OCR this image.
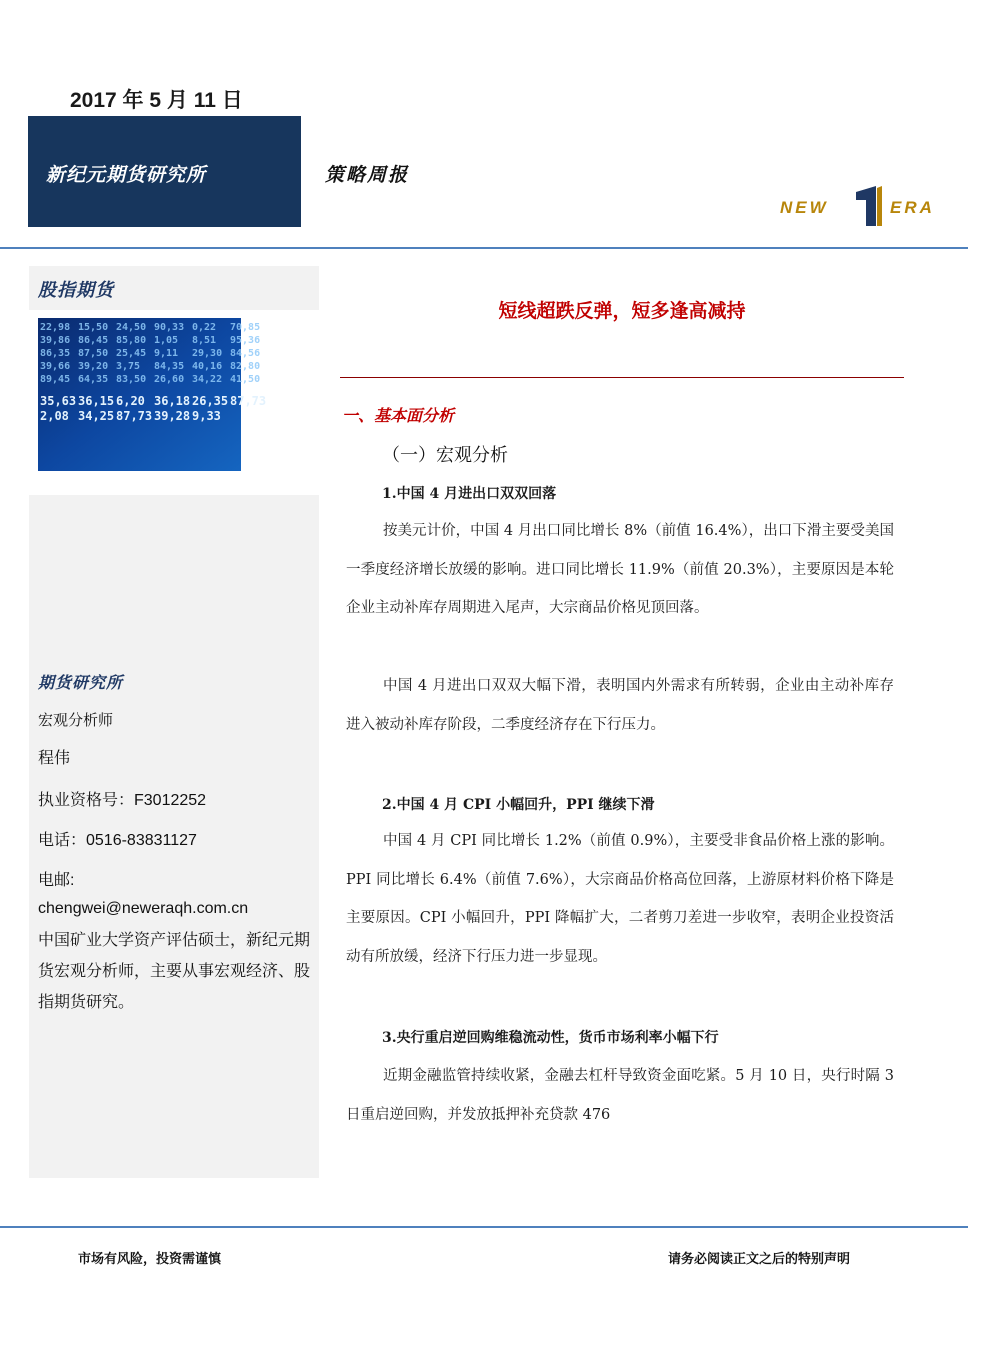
2017 年 5 月 11 日
新纪元期货研究所	策略周报
NEW	ERA
股指期货
22,98 15,50 24,50 90,33 0,22 70,85
39,86 86,45 85,80 1,05 8,51 95,36
86,35 87,50 25,45 9,11 29,30 84,56
39,66 39,20 3,75 84,35 40,16 82,80
89,45 64,35 83,50 26,60 34,22 41,50
35,63 36,15 6,20 36,18 26,35 87,73
2,08 34,25 87,73 39,28 9,33
期货研究所
宏观分析师
程伟
执业资格号：F3012252
电话：0516-83831127
电邮:
chengwei@neweraqh.com.cn
中国矿业大学资产评估硕士，新纪元期货宏观分析师，主要从事宏观经济、股指期货研究。
短线超跌反弹，短多逢高减持
一、基本面分析
（一）宏观分析
1.中国 4 月进出口双双回落

按美元计价，中国 4 月出口同比增长 8%（前值 16.4%），出口下滑主要受美国一季度经济增长放缓的影响。进口同比增长 11.9%（前值 20.3%），主要原因是本轮企业主动补库存周期进入尾声，大宗商品价格见顶回落。

中国 4 月进出口双双大幅下滑，表明国内外需求有所转弱，企业由主动补库存进入被动补库存阶段，二季度经济存在下行压力。

2.中国 4 月 CPI 小幅回升，PPI 继续下滑

中国 4 月 CPI 同比增长 1.2%（前值 0.9%），主要受非食品价格上涨的影响。PPI 同比增长 6.4%（前值 7.6%），大宗商品价格高位回落，上游原材料价格下降是主要原因。CPI 小幅回升，PPI 降幅扩大，二者剪刀差进一步收窄，表明企业投资活动有所放缓，经济下行压力进一步显现。

3.央行重启逆回购维稳流动性，货币市场利率小幅下行

近期金融监管持续收紧，金融去杠杆导致资金面吃紧。5 月 10 日，央行时隔 3 日重启逆回购，并发放抵押补充贷款 476

市场有风险，投资需谨慎	请务必阅读正文之后的特别声明
